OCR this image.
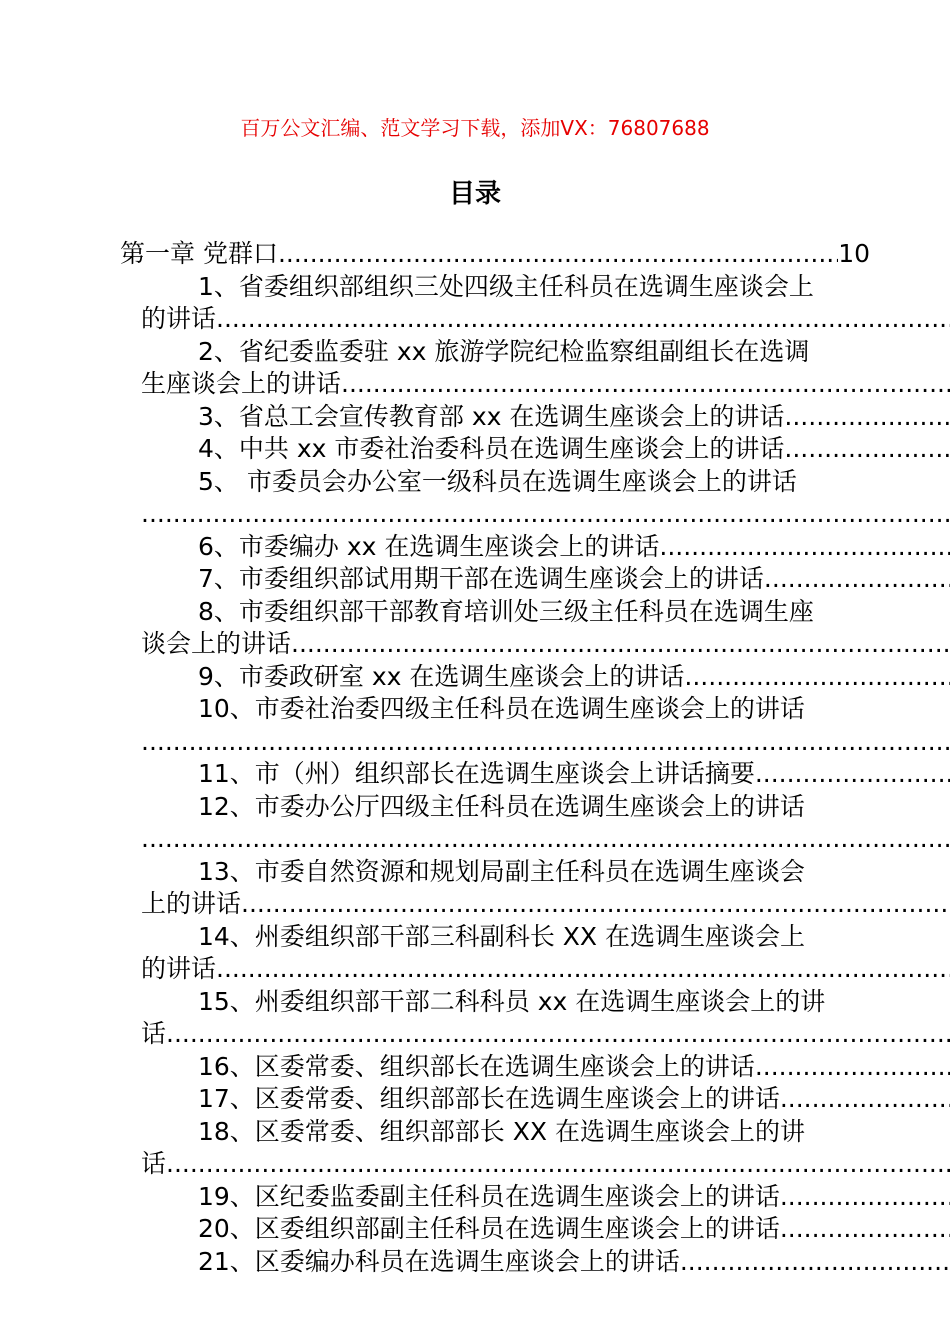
百万公文汇编、范文学习下载，添加VX：76807688
目录
第一章 党群口
.....	10
1、省委组织部组织三处四级主任科员在选调生座谈会上
的讲话 .....
2、省纪委监委驻 xx 旅游学院纪检监察组副组长在选调
生座谈会上的讲话 .....
3、省总工会宣传教育部 xx 在选调生座谈会上的讲话 .....
4、中共 xx 市委社治委科员在选调生座谈会上的讲话 .....
5、 市委员会办公室一级科员在选调生座谈会上的讲话
.....
6、市委编办 xx 在选调生座谈会上的讲话 .....
7、市委组织部试用期干部在选调生座谈会上的讲话 .....
8、市委组织部干部教育培训处三级主任科员在选调生座
谈会上的讲话 .....
9、市委政研室 xx 在选调生座谈会上的讲话 .....
10、市委社治委四级主任科员在选调生座谈会上的讲话
.....
11、市（州）组织部长在选调生座谈会上讲话摘要 .....
12、市委办公厅四级主任科员在选调生座谈会上的讲话
.....
13、市委自然资源和规划局副主任科员在选调生座谈会
上的讲话 .....
14、州委组织部干部三科副科长 XX 在选调生座谈会上
的讲话 .....
15、州委组织部干部二科科员 xx 在选调生座谈会上的讲
话 .....
16、区委常委、组织部长在选调生座谈会上的讲话 .....
17、区委常委、组织部部长在选调生座谈会上的讲话 .....
18、区委常委、组织部部长 XX 在选调生座谈会上的讲
话 .....
19、区纪委监委副主任科员在选调生座谈会上的讲话 .....
20、区委组织部副主任科员在选调生座谈会上的讲话 .....
21、区委编办科员在选调生座谈会上的讲话 .....
